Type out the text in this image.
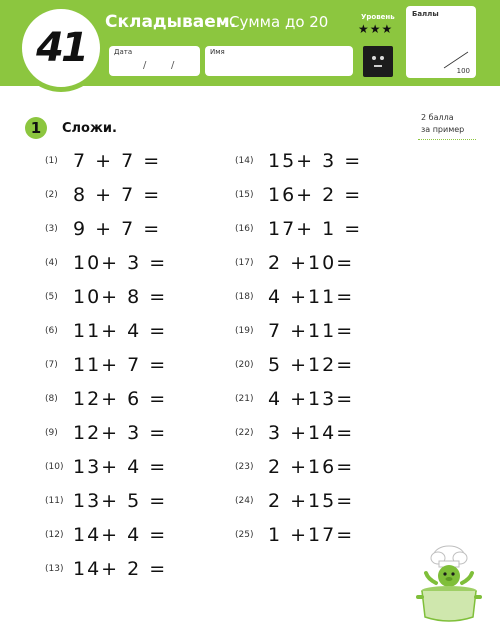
41
Складываем.
Сумма до 20
Дата
/ /
Имя
Уровень
★★★
Баллы
100
1	Сложи.
2 балла
за пример
(1) 7 + 7 =
(2) 8 + 7 =
(3) 9 + 7 =
(4) 10+ 3 =
(5) 10+ 8 =
(6) 11+ 4 =
(7) 11+ 7 =
(8) 12+ 6 =
(9) 12+ 3 =
(10) 13+ 4 =
(11) 13+ 5 =
(12) 14+ 4 =
(13) 14+ 2 =
(14) 15+ 3 =
(15) 16+ 2 =
(16) 17+ 1 =
(17) 2 +10=
(18) 4 +11=
(19) 7 +11=
(20) 5 +12=
(21) 4 +13=
(22) 3 +14=
(23) 2 +16=
(24) 2 +15=
(25) 1 +17=
